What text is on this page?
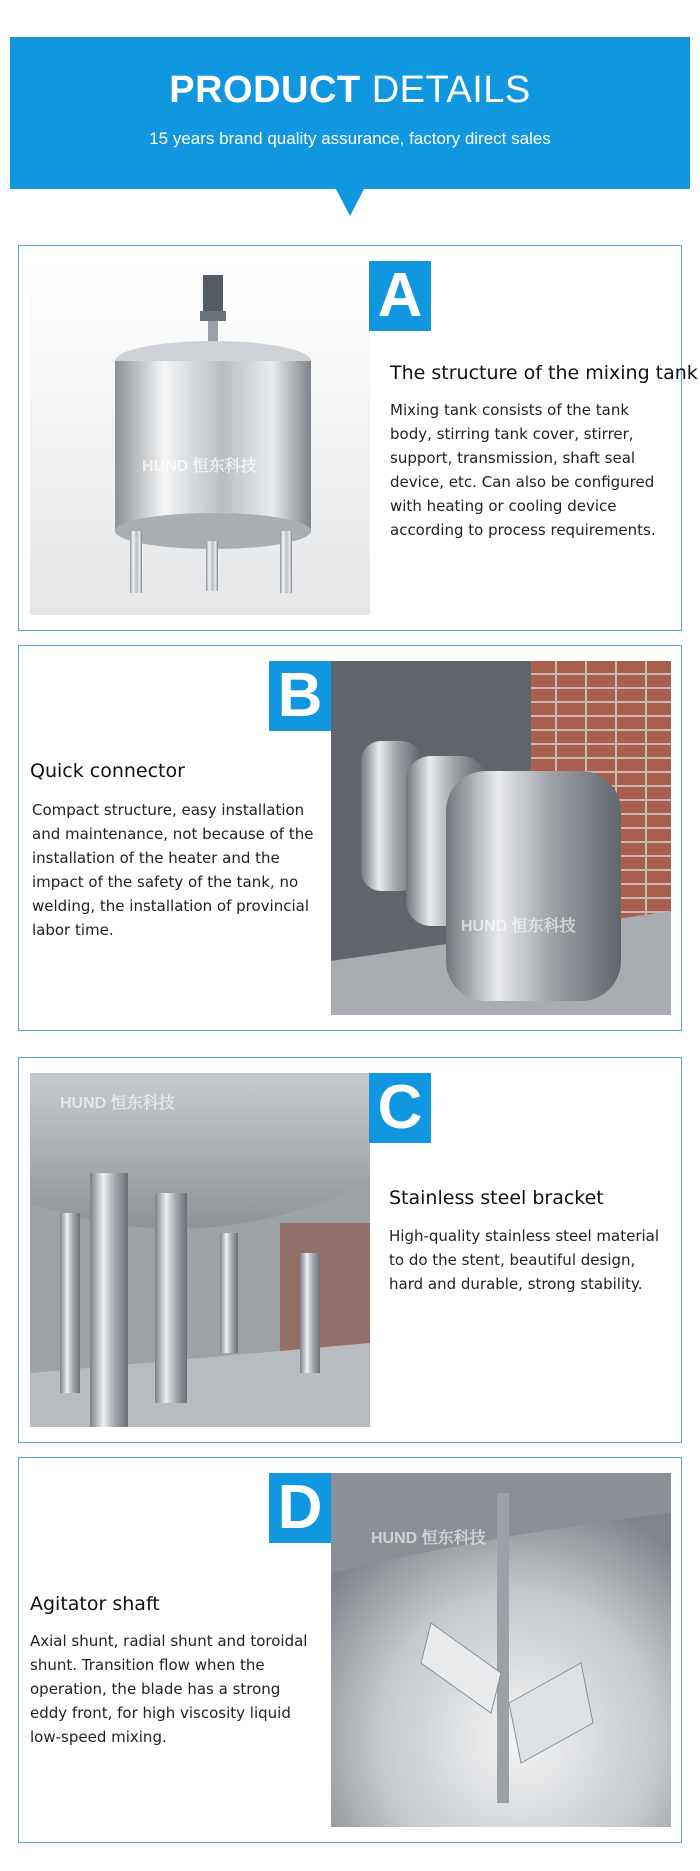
PRODUCT DETAILS
15 years brand quality assurance, factory direct sales
HUND 恒东科技
A
The structure of the mixing tank
Mixing tank consists of the tank body, stirring tank cover, stirrer, support, transmission, shaft seal device, etc. Can also be configured with heating or cooling device according to process requirements.
B
Quick connector
Compact structure, easy installation and maintenance, not because of the installation of the heater and the impact of the safety of the tank, no welding, the installation of provincial labor time.	HUND 恒东科技
HUND 恒东科技	C
Stainless steel bracket
High-quality stainless steel material to do the stent, beautiful design, hard and durable, strong stability.
D
Agitator shaft
Axial shunt, radial shunt and toroidal shunt. Transition flow when the operation, the blade has a strong eddy front, for high viscosity liquid low-speed mixing.
HUND 恒东科技
